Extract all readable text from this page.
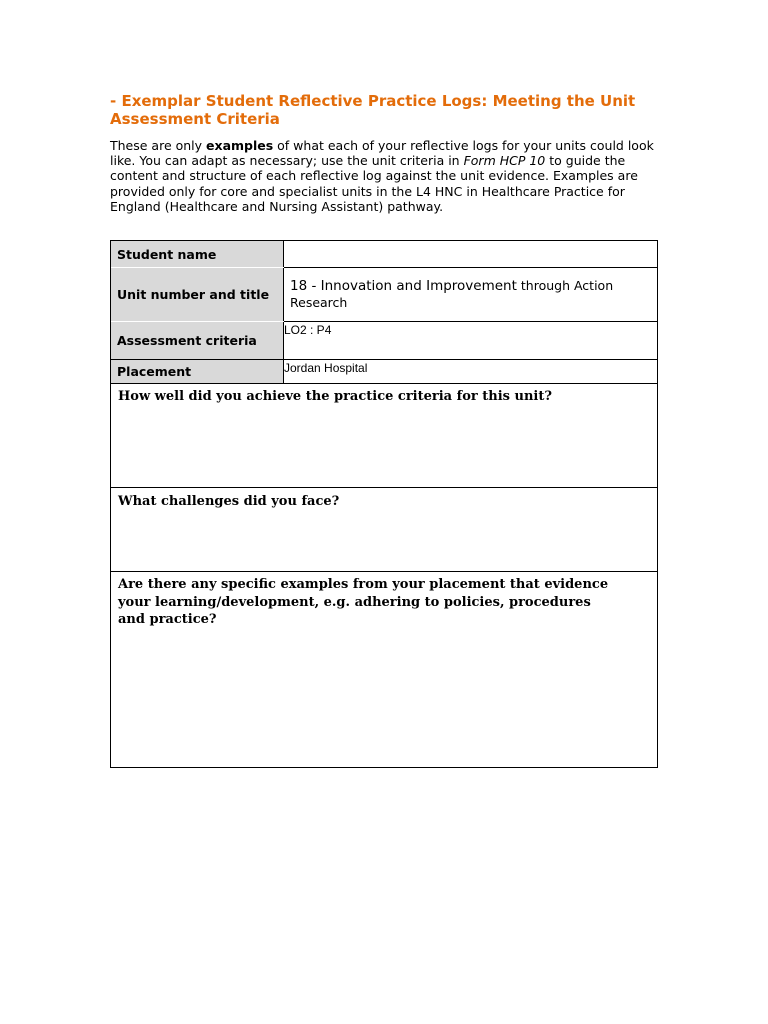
- Exemplar Student Reflective Practice Logs: Meeting the Unit Assessment Criteria

These are only examples of what each of your reflective logs for your units could look like. You can adapt as necessary; use the unit criteria in Form HCP 10 to guide the content and structure of each reflective log against the unit evidence. Examples are provided only for core and specialist units in the L4 HNC in Healthcare Practice for England (Healthcare and Nursing Assistant) pathway.

Student name
Unit number and title
18 - Innovation and Improvement through Action Research
Assessment criteria
LO2 : P4
Placement	Jordan Hospital

How well did you achieve the practice criteria for this unit?

What challenges did you face?

Are there any specific examples from your placement that evidence your learning/development, e.g. adhering to policies, procedures and practice?
